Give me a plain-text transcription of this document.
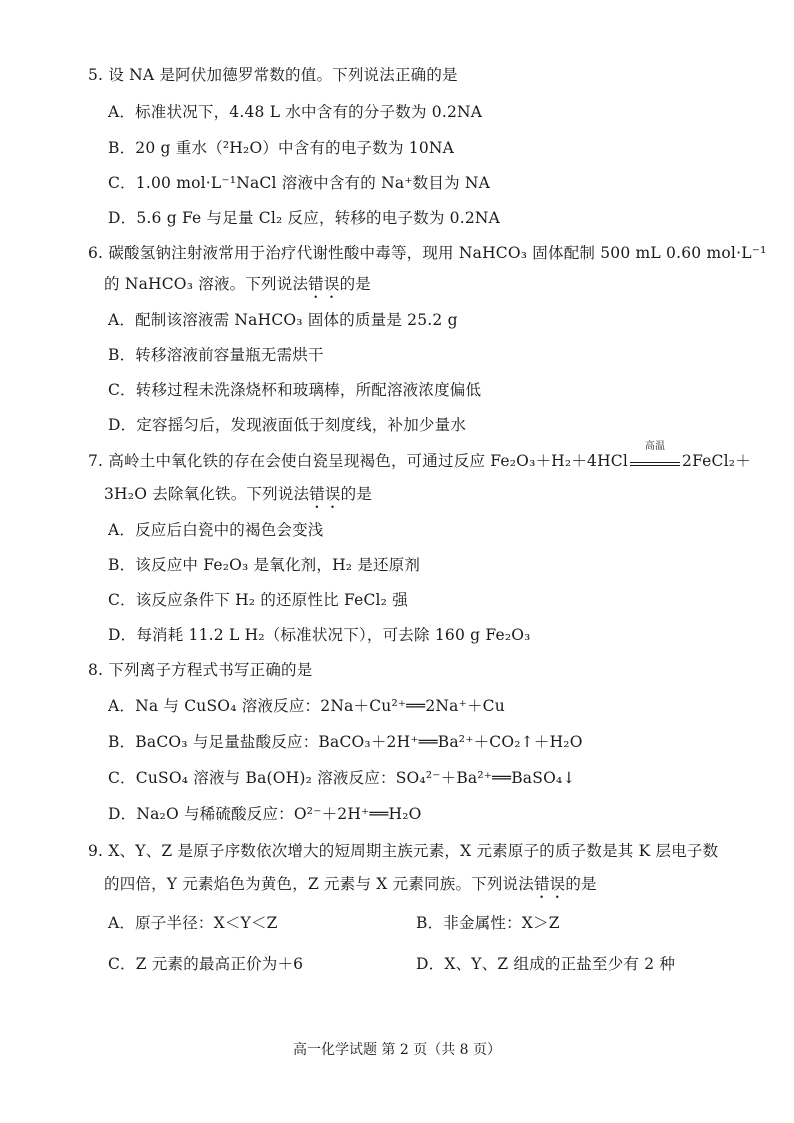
5. 设 NA 是阿伏加德罗常数的值。下列说法正确的是
A．标准状况下，4.48 L 水中含有的分子数为 0.2NA
B．20 g 重水（²H₂O）中含有的电子数为 10NA
C．1.00 mol·L⁻¹NaCl 溶液中含有的 Na⁺数目为 NA
D．5.6 g Fe 与足量 Cl₂ 反应，转移的电子数为 0.2NA
6. 碳酸氢钠注射液常用于治疗代谢性酸中毒等，现用 NaHCO₃ 固体配制 500 mL 0.60 mol·L⁻¹
的 NaHCO₃ 溶液。下列说法错误的是
A．配制该溶液需 NaHCO₃ 固体的质量是 25.2 g
B．转移溶液前容量瓶无需烘干
C．转移过程未洗涤烧杯和玻璃棒，所配溶液浓度偏低
D．定容摇匀后，发现液面低于刻度线，补加少量水
7. 高岭土中氧化铁的存在会使白瓷呈现褐色，可通过反应 Fe₂O₃＋H₂＋4HCl
高温
2FeCl₂＋
3H₂O 去除氧化铁。下列说法错误的是
A．反应后白瓷中的褐色会变浅
B．该反应中 Fe₂O₃ 是氧化剂，H₂ 是还原剂
C．该反应条件下 H₂ 的还原性比 FeCl₂ 强
D．每消耗 11.2 L H₂（标准状况下），可去除 160 g Fe₂O₃
8. 下列离子方程式书写正确的是
A．Na 与 CuSO₄ 溶液反应：2Na＋Cu²⁺══2Na⁺＋Cu
B．BaCO₃ 与足量盐酸反应：BaCO₃＋2H⁺══Ba²⁺＋CO₂↑＋H₂O
C．CuSO₄ 溶液与 Ba(OH)₂ 溶液反应：SO₄²⁻＋Ba²⁺══BaSO₄↓
D．Na₂O 与稀硫酸反应：O²⁻＋2H⁺══H₂O
9. X、Y、Z 是原子序数依次增大的短周期主族元素，X 元素原子的质子数是其 K 层电子数
的四倍，Y 元素焰色为黄色，Z 元素与 X 元素同族。下列说法错误的是
A．原子半径：X＜Y＜Z	B．非金属性：X＞Z
C．Z 元素的最高正价为＋6	D．X、Y、Z 组成的正盐至少有 2 种
高一化学试题 第 2 页（共 8 页）
